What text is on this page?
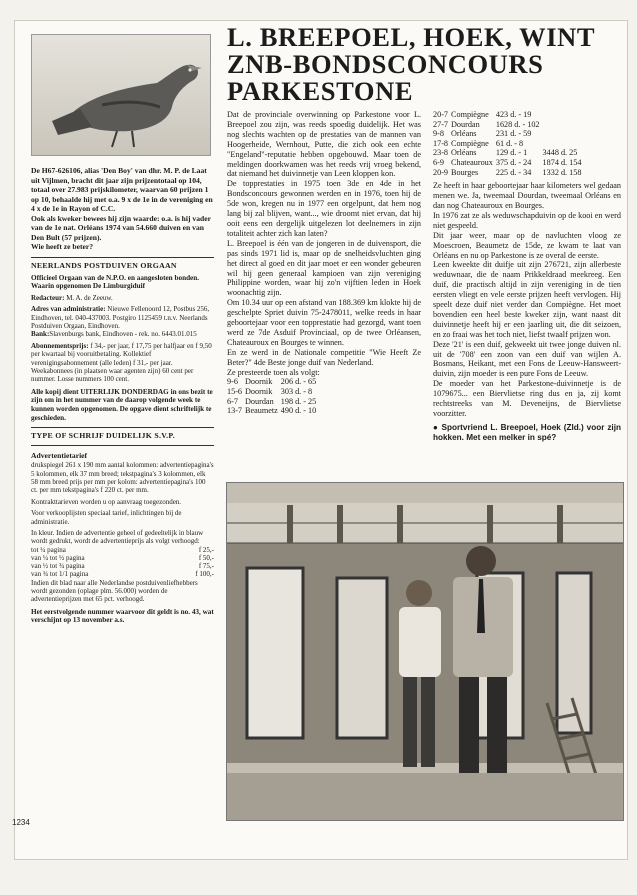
De H67-626106, alias 'Den Boy' van dhr. M. P. de Laat uit Vijlmen, bracht dit jaar zijn prijzentotaal op 104, totaal over 27.983 prijskilometer, waarvan 60 prijzen 1 op 10, behaalde hij met o.a. 9 x de 1e in de vereniging en 4 x de 1e in Rayon of C.C.

Ook als kweker bewees hij zijn waarde: o.a. is hij vader van de 1e nat. Orléans 1974 van 54.660 duiven en van Den Bult (57 prijzen).

Wie heeft ze beter?

NEERLANDS POSTDUIVEN ORGAAN
Officieel Orgaan van de N.P.O. en aangesloten bonden. Waarin opgenomen De Limburgiduif

Redacteur: M. A. de Zeeuw.

Adres van administratie: Nieuwe Fellenoord 12, Postbus 256, Eindhoven, tel. 040-437003. Postgiro 1125459 t.n.v. Neerlands Postduiven Orgaan, Eindhoven.
Bank:Slavenburgs bank, Eindhoven - rek. no. 6443.01.015

Abonnementsprijs: f 34,- per jaar, f 17,75 per halfjaar en f 9,50 per kwartaal bij vooruitbetaling. Kollektief verenigingsabonnement (alle leden) f 31,- per jaar. Weekabonnees (in plaatsen waar agenten zijn) 60 cent per nummer. Losse nummers 100 cent.

Alle kopij dient UITERLIJK DONDERDAG in ons bezit te zijn om in het nummer van de daarop volgende week te kunnen worden opgenomen. De opgave dient schriftelijk te geschieden.
TYPE OF SCHRIJF DUIDELIJK S.V.P.
Advertentietarief

drukspiegel 261 x 190 mm aantal kolommen: advertentiepagina's 5 kolommen, elk 37 mm breed; tekstpagina's 3 kolommen, elk 58 mm breed prijs per mm per kolom: advertentiepagina's 100 ct. per mm tekstpagina's f 220 ct. per mm.

Kontrakttarieven worden u op aanvraag toegezonden.

Voor verkooplijsten speciaal tarief, inlichtingen bij de administratie.

In kleur. Indien de advertentie geheel of gedeeltelijk in blauw wordt gedrukt, wordt de advertentieprijs als volgt verhoogd:

tot ¼ pagina	f 25,-
van ¼ tot ½ pagina	f 50,-
van ½ tot ¾ pagina	f 75,-
van ¾ tot 1/1 pagina	f 100,-

Indien dit blad naar alle Nederlandse postduivenliefhebbers wordt gezonden (oplage plm. 56.000) worden de advertentieprijzen met 65 pct. verhoogd.

Het eerstvolgende nummer waarvoor dit geldt is no. 43, wat verschijnt op 13 november a.s.
1234
L. BREEPOEL, HOEK, WINT
ZNB-BONDSCONCOURS
PARKESTONE

Dat de provinciale overwinning op Parkestone voor L. Breepoel zou zijn, was reeds spoedig duidelijk. Het was nog slechts wachten op de prestaties van de mannen van Hoogerheide, Wernhout, Putte, die zich ook een echte "Engeland"-reputatie hebben opgebouwd. Maar toen de meldingen doorkwamen was het reeds vrij vroeg bekend, dat niemand het duivinnetje van Leen kloppen kon.

De topprestaties in 1975 toen 3de en 4de in het Bondsconcours gewonnen werden en in 1976, toen hij de 5de won, kregen nu in 1977 een orgelpunt, dat hem nog lang bij zal blijven, want..., wie droomt niet ervan, dat hij ooit eens een dergelijk uitgelezen lot deelnemers in zijn totaliteit achter zich kan laten?

L. Breepoel is één van de jongeren in de duivensport, die pas sinds 1971 lid is, maar op de snelheidsvluchten ging het direct al goed en dit jaar moet er een wonder gebeuren wil hij geen generaal kampioen van zijn vereniging Philippine worden, waar hij zo'n vijftien leden in Hoek woonachtig zijn.

Om 10.34 uur op een afstand van 188.369 km klokte hij de geschelpte Spriet duivin 75-2478011, welke reeds in haar geboortejaar voor een topprestatie had gezorgd, want toen werd ze 7de Asduif Provinciaal, op de twee Orléansen, Chateauroux en Bourges te winnen.

En ze werd in de Nationale competitie "Wie Heeft Ze Beter?" 4de Beste jonge duif van Nederland.

Ze presteerde toen als volgt:

9-6	Doornik	206 d. - 65
15-6	Doornik	303 d. - 8
6-7	Dourdan	198 d. - 25
13-7	Beaumetz	490 d. - 10
20-7	Compiègne	423 d. - 19	
27-7	Dourdan	1628 d. - 102	
9-8	Orléans	231 d. - 59	
17-8	Compiègne	61 d. - 8	
23-8	Orléans	129 d. - 1	3448 d. 25
6-9	Chateauroux	375 d. - 24	1874 d. 154
20-9	Bourges	225 d. - 34	1332 d. 158

Ze heeft in haar geboortejaar haar kilometers wel gedaan menen we. Ja, tweemaal Dourdan, tweemaal Orléans en dan nog Chateauroux en Bourges.

In 1976 zat ze als weduwschapduivin op de kooi en werd niet gespeeld.

Dit jaar weer, maar op de navluchten vloog ze Moescroen, Beaumetz de 15de, ze kwam te laat van Orléans en nu op Parkestone is ze overal de eerste.

Leen kweekte dit duifje uit zijn 276721, zijn allerbeste weduwnaar, die de naam Prikkeldraad meekreeg. Een duif, die practisch altijd in zijn vereniging in de tien eersten vliegt en vele eerste prijzen heeft vervlogen. Hij speelt deze duif niet verder dan Compiègne. Het moet bovendien een heel beste kweker zijn, want naast dit duivinnetje heeft hij er een jaarling uit, die dit seizoen, en zo fraai was het toch niet, liefst twaalf prijzen won.

Deze '21' is een duif, gekweekt uit twee jonge duiven nl. uit de '708' een zoon van een duif van wijlen A. Bosmans, Heikant, met een Fons de Leeuw-Hansweert-duivin, zijn moeder is een pure Fons de Leeuw.

De moeder van het Parkestone-duivinnetje is de 1079675... een Biervlietse ring dus en ja, zij komt rechtstreeks van M. Deveneijns, de Biervlietse voorzitter.

● Sportvriend L. Breepoel, Hoek (Zld.) voor zijn hokken. Met een melker in spé?
